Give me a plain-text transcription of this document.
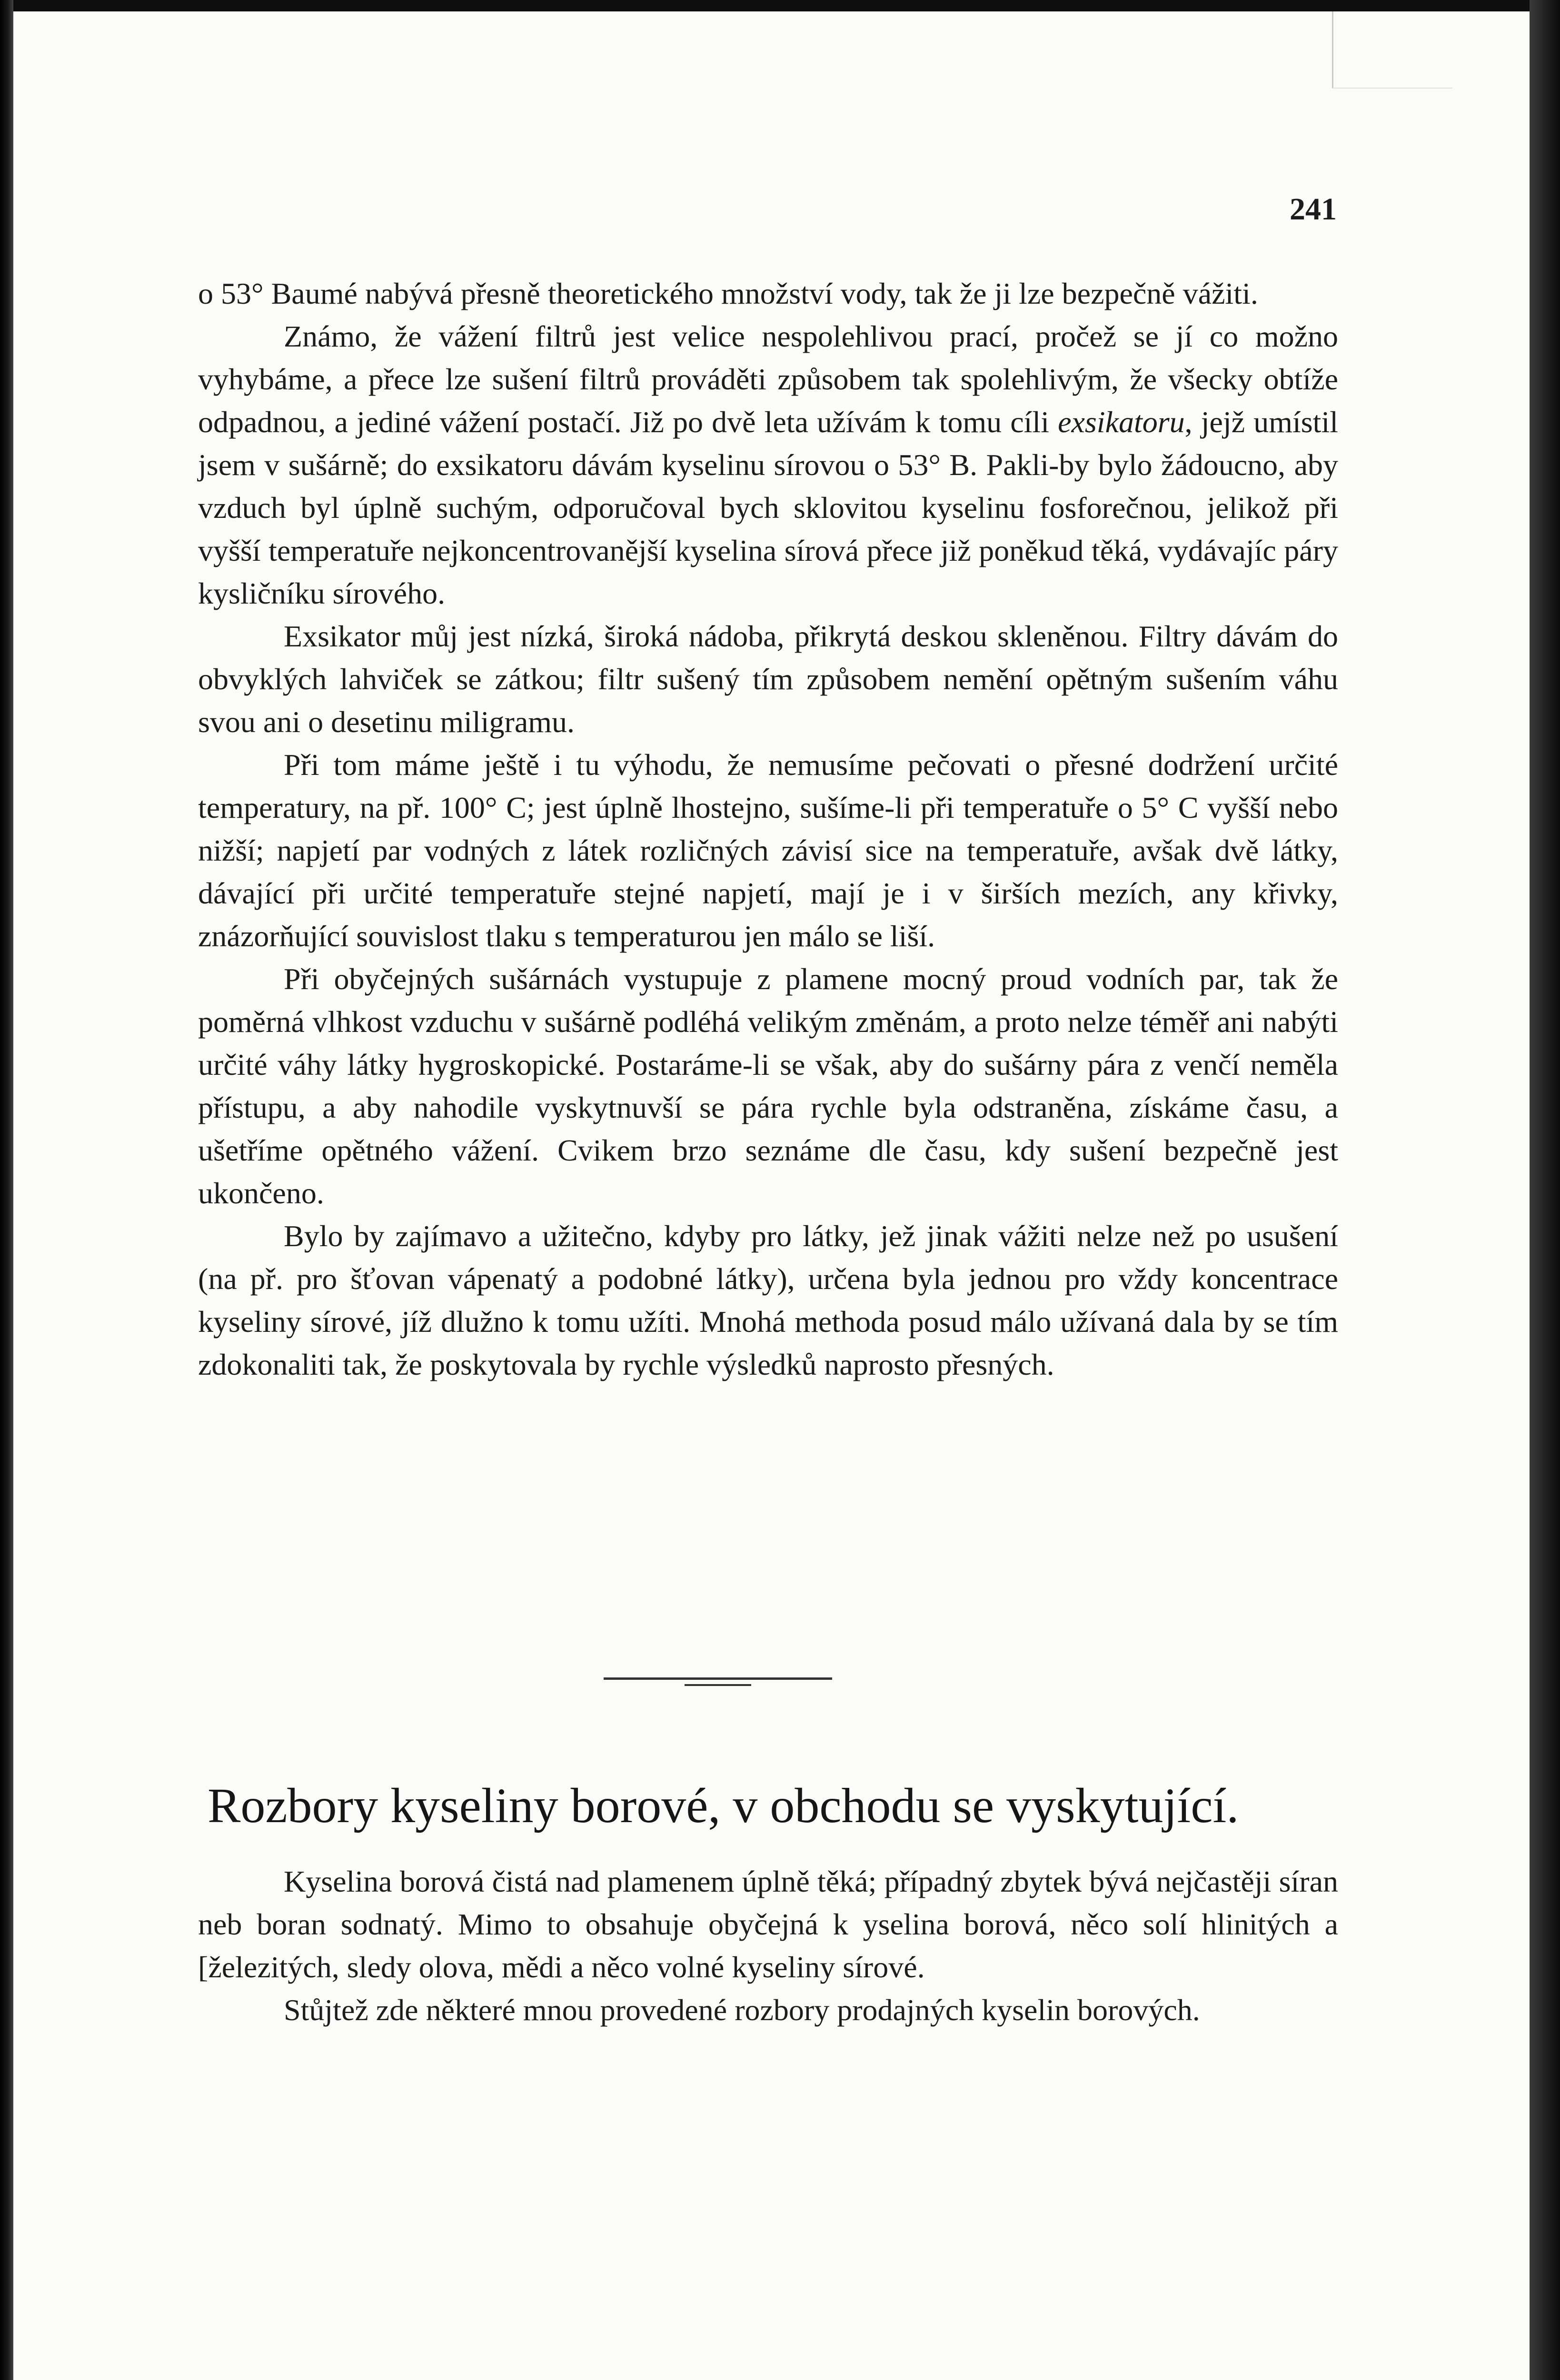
241

o 53° Baumé nabývá přesně theoretického množství vody, tak že ji lze bezpečně vážiti.

Známo, že vážení filtrů jest velice nespolehlivou prací, pročež se jí co možno vyhybáme, a přece lze sušení filtrů prováděti způsobem tak spolehlivým, že všecky obtíže odpadnou, a jediné vážení postačí. Již po dvě leta užívám k tomu cíli exsikatoru, jejž umístil jsem v sušárně; do exsikatoru dávám kyselinu sírovou o 53° B. Pakli-by bylo žádoucno, aby vzduch byl úplně suchým, odporučoval bych sklovitou kyselinu fosforečnou, jelikož při vyšší temperatuře nejkoncentrovanější kyselina sírová přece již poněkud těká, vydávajíc páry kysličníku sírového.

Exsikator můj jest nízká, široká nádoba, přikrytá deskou skleněnou. Filtry dávám do obvyklých lahviček se zátkou; filtr sušený tím způsobem nemění opětným sušením váhu svou ani o desetinu miligramu.

Při tom máme ještě i tu výhodu, že nemusíme pečovati o přesné dodržení určité temperatury, na př. 100° C; jest úplně lhostejno, sušíme-li při temperatuře o 5° C vyšší nebo nižší; napjetí par vodných z látek rozličných závisí sice na temperatuře, avšak dvě látky, dávající při určité temperatuře stejné napjetí, mají je i v širších mezích, any křivky, znázorňující souvislost tlaku s temperaturou jen málo se liší.

Při obyčejných sušárnách vystupuje z plamene mocný proud vodních par, tak že poměrná vlhkost vzduchu v sušárně podléhá velikým změnám, a proto nelze téměř ani nabýti určité váhy látky hygroskopické. Postaráme-li se však, aby do sušárny pára z venčí neměla přístupu, a aby nahodile vyskytnuvší se pára rychle byla odstraněna, získáme času, a ušetříme opětného vážení. Cvikem brzo seznáme dle času, kdy sušení bezpečně jest ukončeno.

Bylo by zajímavo a užitečno, kdyby pro látky, jež jinak vážiti nelze než po usušení (na př. pro šťovan vápenatý a podobné látky), určena byla jednou pro vždy koncentrace kyseliny sírové, jíž dlužno k tomu užíti. Mnohá methoda posud málo užívaná dala by se tím zdokonaliti tak, že poskytovala by rychle výsledků naprosto přesných.

Rozbory kyseliny borové, v obchodu se vyskytující.

Kyselina borová čistá nad plamenem úplně těká; případný zbytek bývá nejčastěji síran neb boran sodnatý. Mimo to obsahuje obyčejná k yselina borová, něco solí hlinitých a [železitých, sledy olova, mědi a něco volné kyseliny sírové.

Stůjtež zde některé mnou provedené rozbory prodajných kyselin borových.
